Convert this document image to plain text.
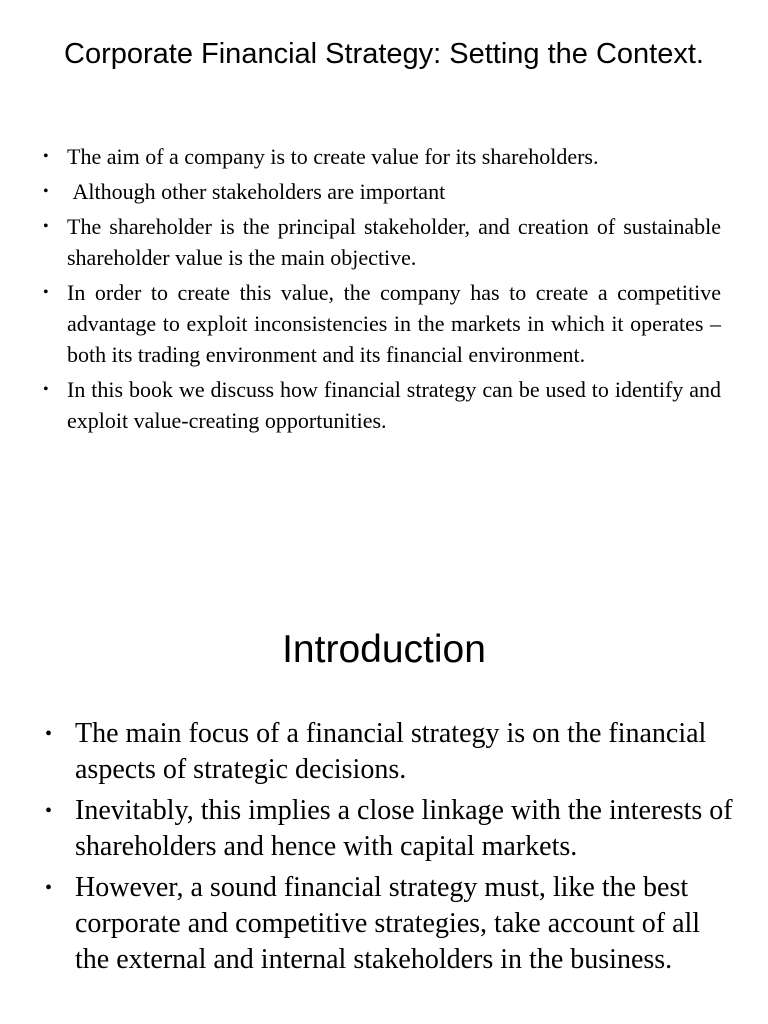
Corporate Financial Strategy: Setting the Context.
• The aim of a company is to create value for its shareholders.
• Although other stakeholders are important
• The shareholder is the principal stakeholder, and creation of sustainable shareholder value is the main objective.
• In order to create this value, the company has to create a competitive advantage to exploit inconsistencies in the markets in which it operates – both its trading environment and its financial environment.
• In this book we discuss how financial strategy can be used to identify and exploit value-creating opportunities.
Introduction
• The main focus of a financial strategy is on the financial aspects of strategic decisions.
• Inevitably, this implies a close linkage with the interests of shareholders and hence with capital markets.
• However, a sound financial strategy must, like the best corporate and competitive strategies, take account of all the external and internal stakeholders in the business.
